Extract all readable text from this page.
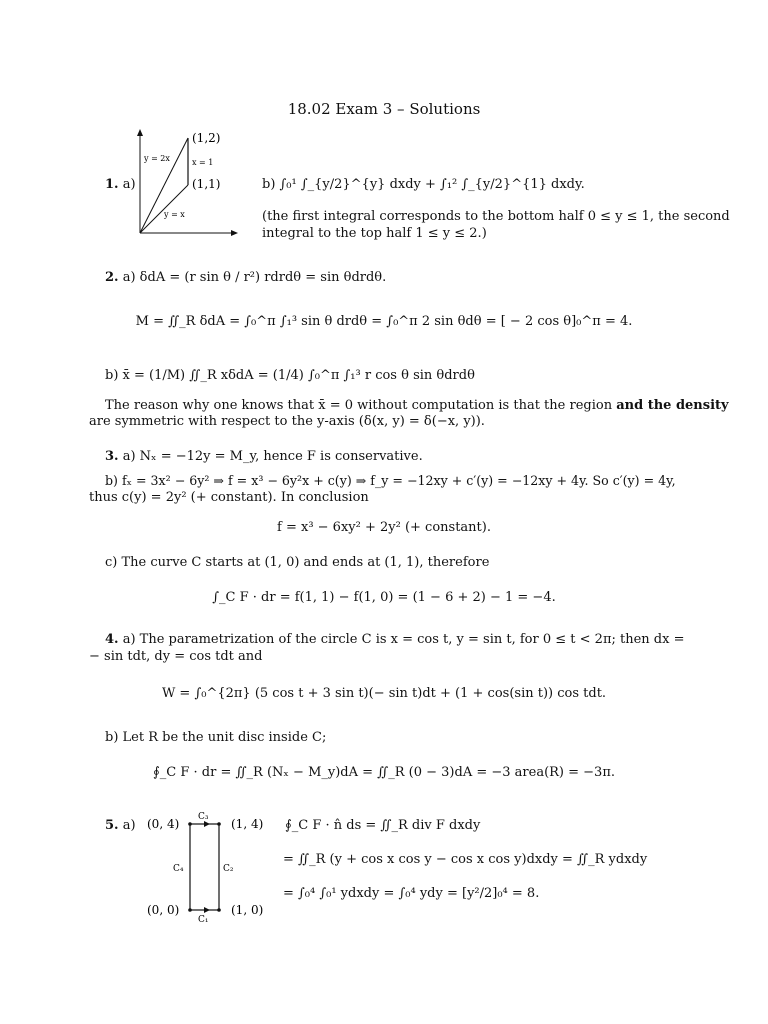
18.02 Exam 3 – Solutions
1. a)
(1,2)
(1,1)
y = 2x	x = 1
y = x
b) ∫₀¹ ∫_{y/2}^{y} dxdy + ∫₁² ∫_{y/2}^{1} dxdy.
(the first integral corresponds to the bottom half 0 ≤ y ≤ 1, the second
integral to the top half 1 ≤ y ≤ 2.)
2. a) δdA = (r sin θ / r²) rdrdθ = sin θdrdθ.
M = ∬_R δdA = ∫₀^π ∫₁³ sin θ drdθ = ∫₀^π 2 sin θdθ = [ − 2 cos θ]₀^π = 4.
b) x̄ = (1/M) ∬_R xδdA = (1/4) ∫₀^π ∫₁³ r cos θ sin θdrdθ
The reason why one knows that x̄ = 0 without computation is that the region and the density
are symmetric with respect to the y-axis (δ(x, y) = δ(−x, y)).
3. a) Nₓ = −12y = M_y, hence F is conservative.
b) fₓ = 3x² − 6y² ⇒ f = x³ − 6y²x + c(y) ⇒ f_y = −12xy + c′(y) = −12xy + 4y. So c′(y) = 4y,
thus c(y) = 2y² (+ constant). In conclusion
f = x³ − 6xy² + 2y² (+ constant).
c) The curve C starts at (1, 0) and ends at (1, 1), therefore
∫_C F · dr = f(1, 1) − f(1, 0) = (1 − 6 + 2) − 1 = −4.
4. a) The parametrization of the circle C is x = cos t, y = sin t, for 0 ≤ t < 2π; then dx =
− sin tdt, dy = cos tdt and
W = ∫₀^{2π} (5 cos t + 3 sin t)(− sin t)dt + (1 + cos(sin t)) cos tdt.
b) Let R be the unit disc inside C;
∮_C F · dr = ∬_R (Nₓ − M_y)dA = ∬_R (0 − 3)dA = −3 area(R) = −3π.
5. a) (0, 4)	(1, 4)
(0, 0)	(1, 0)
C₃
C₁
C₄	C₂
∮_C F · n̂ ds = ∬_R div F dxdy
= ∬_R (y + cos x cos y − cos x cos y)dxdy = ∬_R ydxdy
= ∫₀⁴ ∫₀¹ ydxdy = ∫₀⁴ ydy = [y²/2]₀⁴ = 8.
